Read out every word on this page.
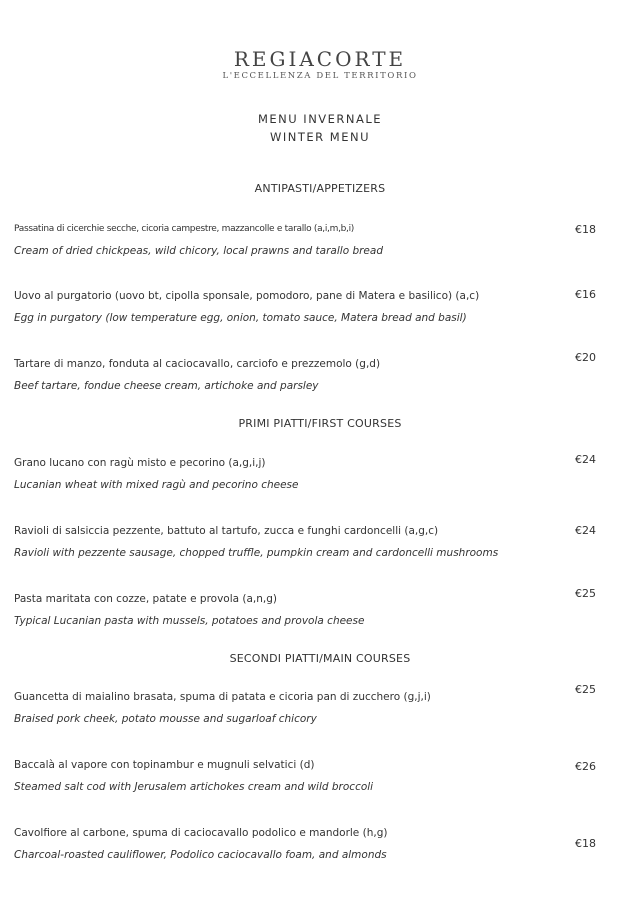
REGIACORTE
L'ECCELLENZA DEL TERRITORIO
MENU INVERNALE
WINTER MENU
ANTIPASTI/APPETIZERS
Passatina di cicerchie secche, cicoria campestre, mazzancolle e tarallo (a,i,m,b,i)
Cream of dried chickpeas, wild chicory, local prawns and tarallo bread
€18
Uovo al purgatorio (uovo bt, cipolla sponsale, pomodoro, pane di Matera e basilico) (a,c)
Egg in purgatory (low temperature egg, onion, tomato sauce, Matera bread and basil)
€16
Tartare di manzo, fonduta al caciocavallo, carciofo e prezzemolo (g,d)
Beef tartare, fondue cheese cream, artichoke and parsley
€20
PRIMI PIATTI/FIRST COURSES
Grano lucano con ragù misto e pecorino (a,g,i,j)
Lucanian wheat with mixed ragù and pecorino cheese
€24
Ravioli di salsiccia pezzente, battuto al tartufo, zucca e funghi cardoncelli (a,g,c)
Ravioli with pezzente sausage, chopped truffle, pumpkin cream and cardoncelli mushrooms
€24
Pasta maritata con cozze, patate e provola (a,n,g)
Typical Lucanian pasta with mussels, potatoes and provola cheese
€25
SECONDI PIATTI/MAIN COURSES
Guancetta di maialino brasata, spuma di patata e cicoria pan di zucchero (g,j,i)
Braised pork cheek, potato mousse and sugarloaf chicory
€25
Baccalà al vapore con topinambur e mugnuli selvatici (d)
Steamed salt cod with Jerusalem artichokes cream and wild broccoli
€26
Cavolfiore al carbone, spuma di caciocavallo podolico e mandorle (h,g)
Charcoal-roasted cauliflower, Podolico caciocavallo foam, and almonds
€18
